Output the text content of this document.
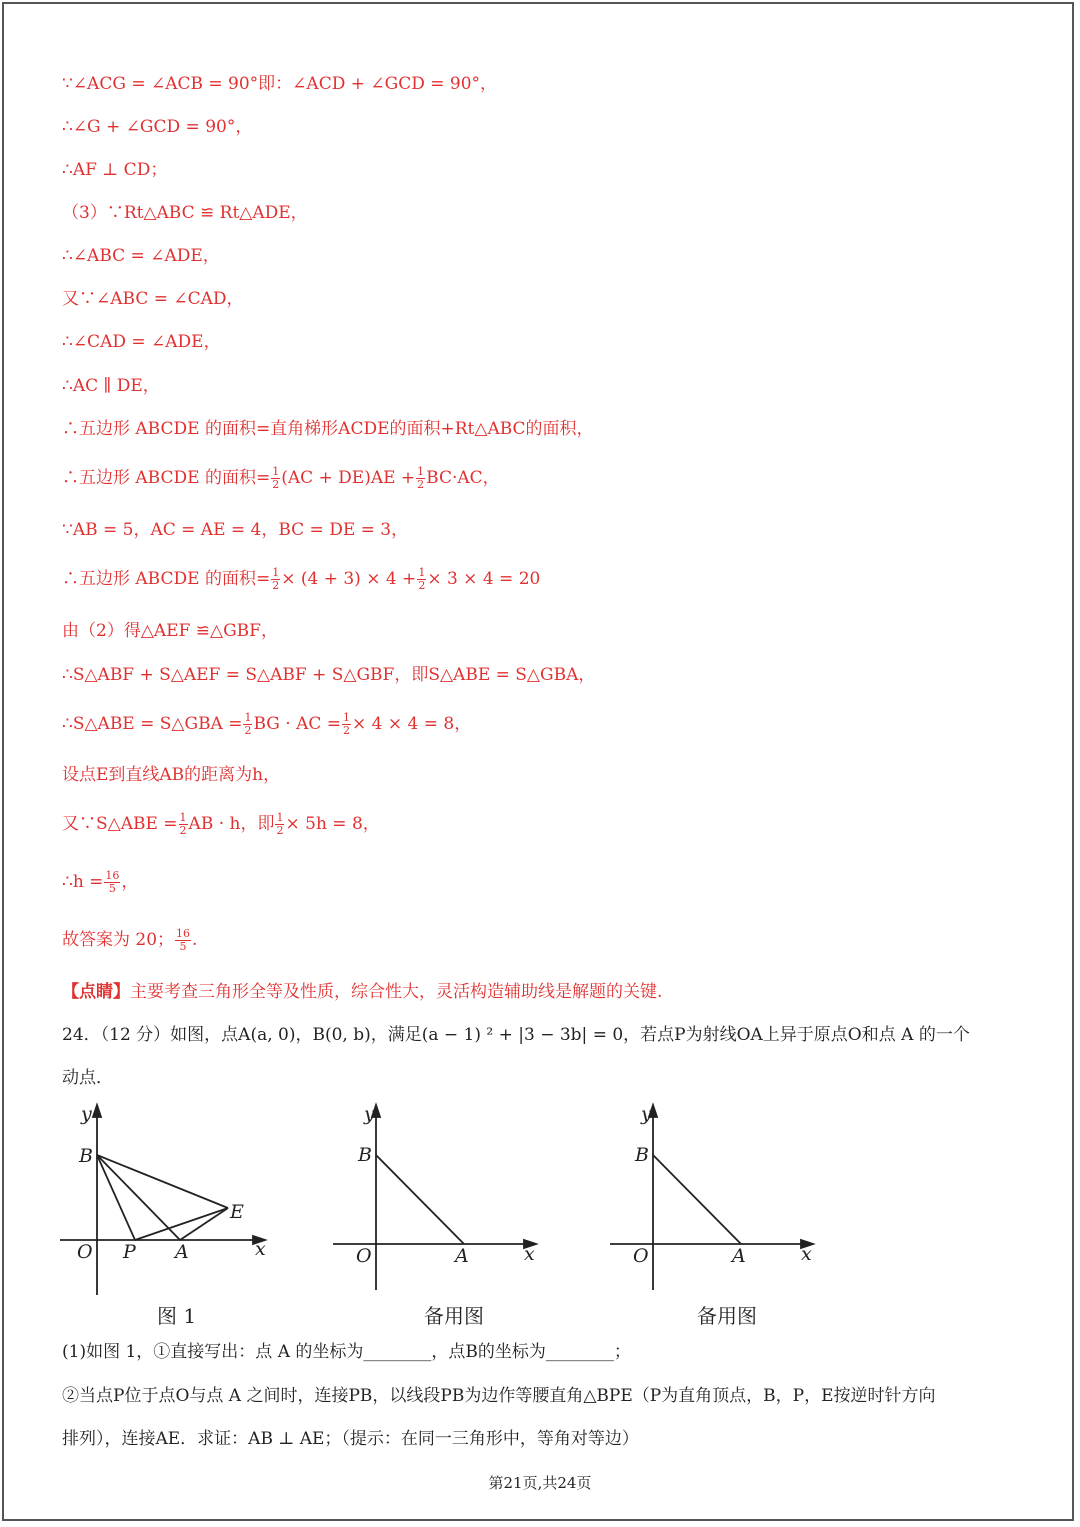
∵∠ACG = ∠ACB = 90°即：∠ACD + ∠GCD = 90°，
∴∠G + ∠GCD = 90°，
∴AF ⊥ CD；
（3）∵Rt△ABC ≌ Rt△ADE，
∴∠ABC = ∠ADE，
又∵∠ABC = ∠CAD，
∴∠CAD = ∠ADE，
∴AC ∥ DE，
∴五边形 ABCDE 的面积=直角梯形ACDE的面积+Rt△ABC的面积，
∴五边形 ABCDE 的面积= $\frac{1}{2} (AC + DE)AE + \frac{1}{2} BC\cdot AC$，
∵AB = 5，AC = AE = 4，BC = DE = 3，
∴五边形 ABCDE 的面积= $\frac{1}{2} \times (4 + 3) \times 4 + \frac{1}{2} \times 3 \times 4 = 20$
由（2）得△AEF ≌△GBF，
∴S△ABF + S△AEF = S△ABF + S△GBF，即S△ABE = S△GBA，
∴S△ABE = S△GBA = $\frac{1}{2}$ BG · AC = $\frac{1}{2} \times 4 \times 4 = 8$，
设点E到直线AB的距离为h，
又∵S△ABE = $\frac{1}{2}$ AB · h，即 $\frac{1}{2} \times 5h = 8$，
∴h = $\frac{16}{5}$ ，
故答案为 20； $\frac{16}{5}$ .
【点睛】主要考查三角形全等及性质，综合性大，灵活构造辅助线是解题的关键.
24．（12 分）如图，点A(a, 0)，B(0, b)，满足(a − 1) ² + |3 − 3b| = 0，若点P为射线OA上异于原点O和点 A 的一个
动点．
y
x
O
B
P A
E
y
x
O
B
A
y
x
O
B
A
图 1	备用图	备用图
(1)如图 1，①直接写出：点 A 的坐标为________，点B的坐标为________；
②当点P位于点O与点 A 之间时，连接PB，以线段PB为边作等腰直角△BPE（P为直角顶点，B，P，E按逆时针方向
排列），连接AE．求证：AB ⊥ AE；（提示：在同一三角形中，等角对等边）
第21页,共24页
